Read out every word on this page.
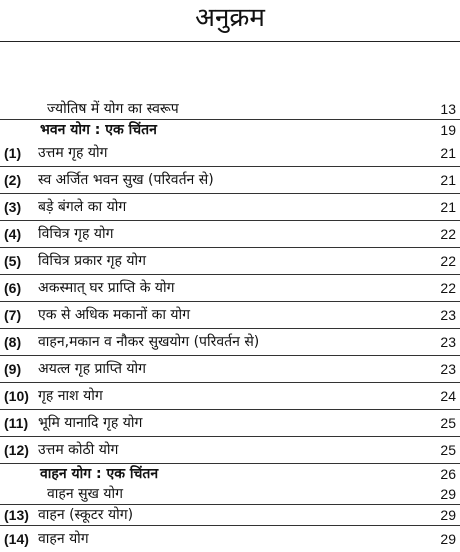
अनुक्रम
ज्योतिष में योग का स्वरूप	13
भवन योग : एक चिंतन	19
(1)	उत्तम गृह योग	21
(2)	स्व अर्जित भवन सुख (परिवर्तन से)	21
(3)	बड़े बंगले का योग	21
(4)	विचित्र गृह योग	22
(5)	विचित्र प्रकार गृह योग	22
(6)	अकस्मात् घर प्राप्ति के योग	22
(7)	एक से अधिक मकानों का योग	23
(8)	वाहन,मकान व नौकर सुखयोग (परिवर्तन से)	23
(9)	अयत्ल गृह प्राप्ति योग	23
(10) गृह नाश योग	24
(11) भूमि यानादि गृह योग	25
(12) उत्तम कोठी योग	25
वाहन योग : एक चिंतन	26
वाहन सुख योग	29
(13) वाहन (स्कूटर योग)	29
(14) वाहन योग	29
